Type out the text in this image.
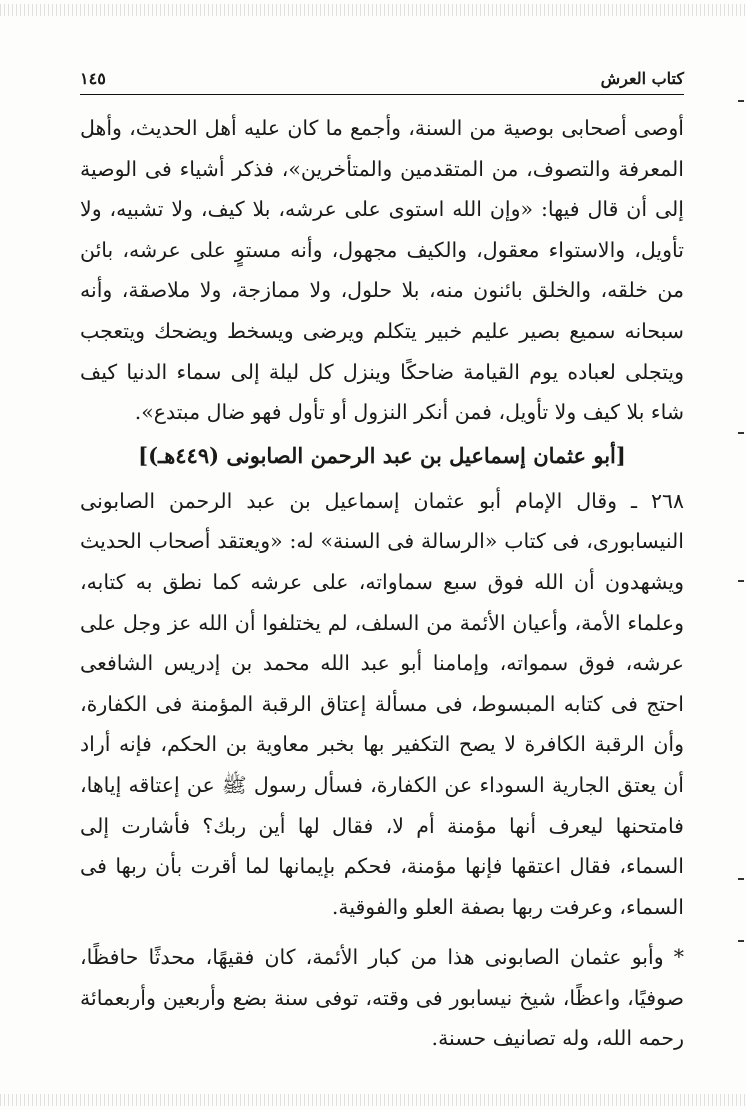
كتاب العرش
١٤٥

أوصى أصحابى بوصية من السنة، وأجمع ما كان عليه أهل الحديث، وأهل المعرفة والتصوف، من المتقدمين والمتأخرين»، فذكر أشياء فى الوصية إلى أن قال فيها: «وإن الله استوى على عرشه، بلا كيف، ولا تشبيه، ولا تأويل، والاستواء معقول، والكيف مجهول، وأنه مستوٍ على عرشه، بائن من خلقه، والخلق بائنون منه، بلا حلول، ولا ممازجة، ولا ملاصقة، وأنه سبحانه سميع بصير عليم خبير يتكلم ويرضى ويسخط ويضحك ويتعجب ويتجلى لعباده يوم القيامة ضاحكًا وينزل كل ليلة إلى سماء الدنيا كيف شاء بلا كيف ولا تأويل، فمن أنكر النزول أو تأول فهو ضال مبتدع».

[أبو عثمان إسماعيل بن عبد الرحمن الصابونى (٤٤٩هـ)]

٢٦٨ ـ وقال الإمام أبو عثمان إسماعيل بن عبد الرحمن الصابونى النيسابورى، فى كتاب «الرسالة فى السنة» له: «ويعتقد أصحاب الحديث ويشهدون أن الله فوق سبع سماواته، على عرشه كما نطق به كتابه، وعلماء الأمة، وأعيان الأئمة من السلف، لم يختلفوا أن الله عز وجل على عرشه، فوق سمواته، وإمامنا أبو عبد الله محمد بن إدريس الشافعى احتج فى كتابه المبسوط، فى مسألة إعتاق الرقبة المؤمنة فى الكفارة، وأن الرقبة الكافرة لا يصح التكفير بها بخبر معاوية بن الحكم، فإنه أراد أن يعتق الجارية السوداء عن الكفارة، فسأل رسول ﷺ عن إعتاقه إياها، فامتحنها ليعرف أنها مؤمنة أم لا، فقال لها أين ربك؟ فأشارت إلى السماء، فقال اعتقها فإنها مؤمنة، فحكم بإيمانها لما أقرت بأن ربها فى السماء، وعرفت ربها بصفة العلو والفوقية.

* وأبو عثمان الصابونى هذا من كبار الأئمة، كان فقيهًا، محدثًا حافظًا، صوفيًا، واعظًا، شيخ نيسابور فى وقته، توفى سنة بضع وأربعين وأربعمائة رحمه الله، وله تصانيف حسنة.
